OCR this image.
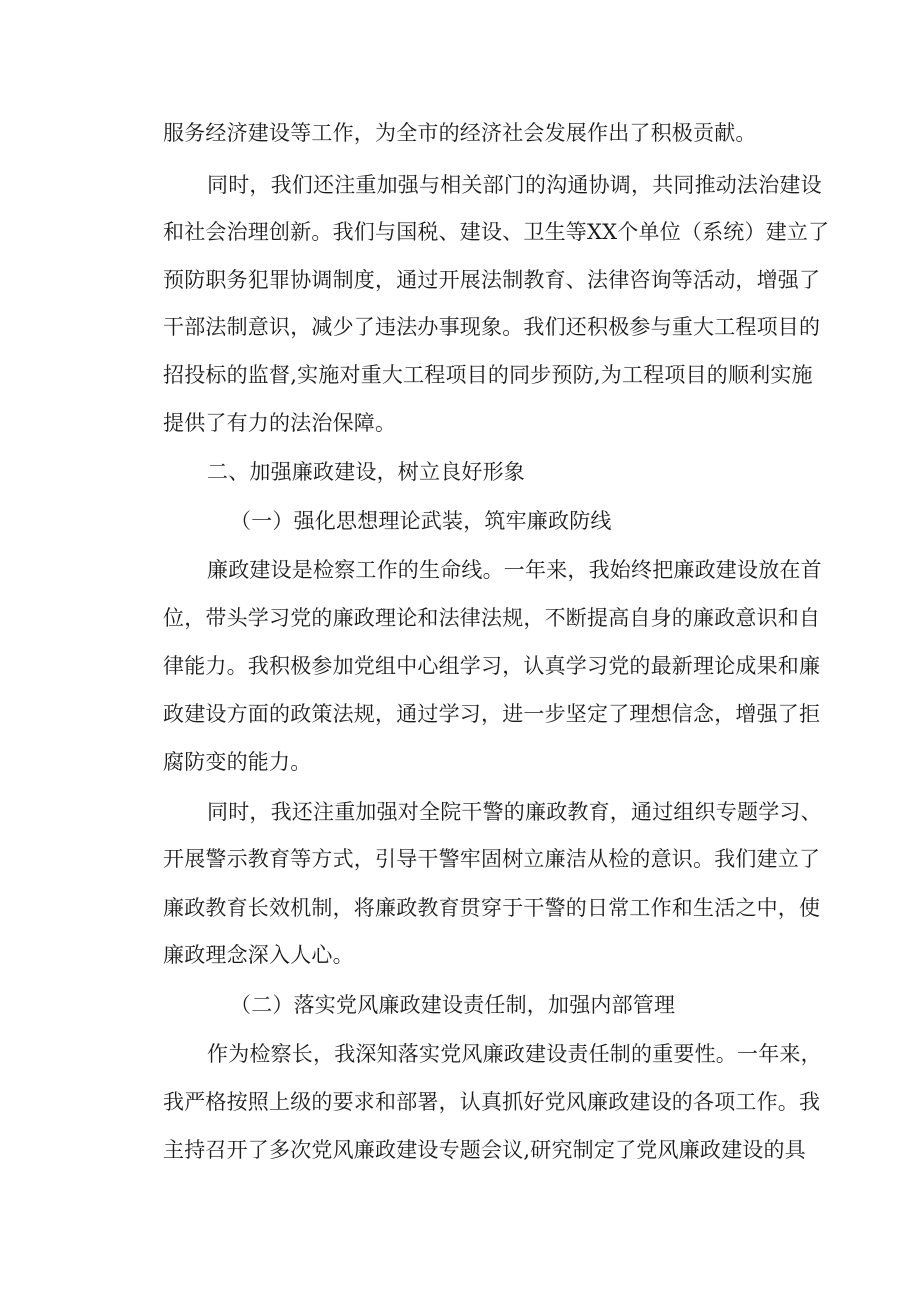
服务经济建设等工作，为全市的经济社会发展作出了积极贡献。
同时，我们还注重加强与相关部门的沟通协调，共同推动法治建设
和社会治理创新。我们与国税、建设、卫生等XX个单位（系统）建立了
预防职务犯罪协调制度，通过开展法制教育、法律咨询等活动，增强了
干部法制意识，减少了违法办事现象。我们还积极参与重大工程项目的
招投标的监督,实施对重大工程项目的同步预防,为工程项目的顺利实施
提供了有力的法治保障。
二、加强廉政建设，树立良好形象
（一）强化思想理论武装，筑牢廉政防线
廉政建设是检察工作的生命线。一年来，我始终把廉政建设放在首
位，带头学习党的廉政理论和法律法规，不断提高自身的廉政意识和自
律能力。我积极参加党组中心组学习，认真学习党的最新理论成果和廉
政建设方面的政策法规，通过学习，进一步坚定了理想信念，增强了拒
腐防变的能力。
同时，我还注重加强对全院干警的廉政教育，通过组织专题学习、
开展警示教育等方式，引导干警牢固树立廉洁从检的意识。我们建立了
廉政教育长效机制，将廉政教育贯穿于干警的日常工作和生活之中，使
廉政理念深入人心。
（二）落实党风廉政建设责任制，加强内部管理
作为检察长，我深知落实党风廉政建设责任制的重要性。一年来，
我严格按照上级的要求和部署，认真抓好党风廉政建设的各项工作。我
主持召开了多次党风廉政建设专题会议,研究制定了党风廉政建设的具
